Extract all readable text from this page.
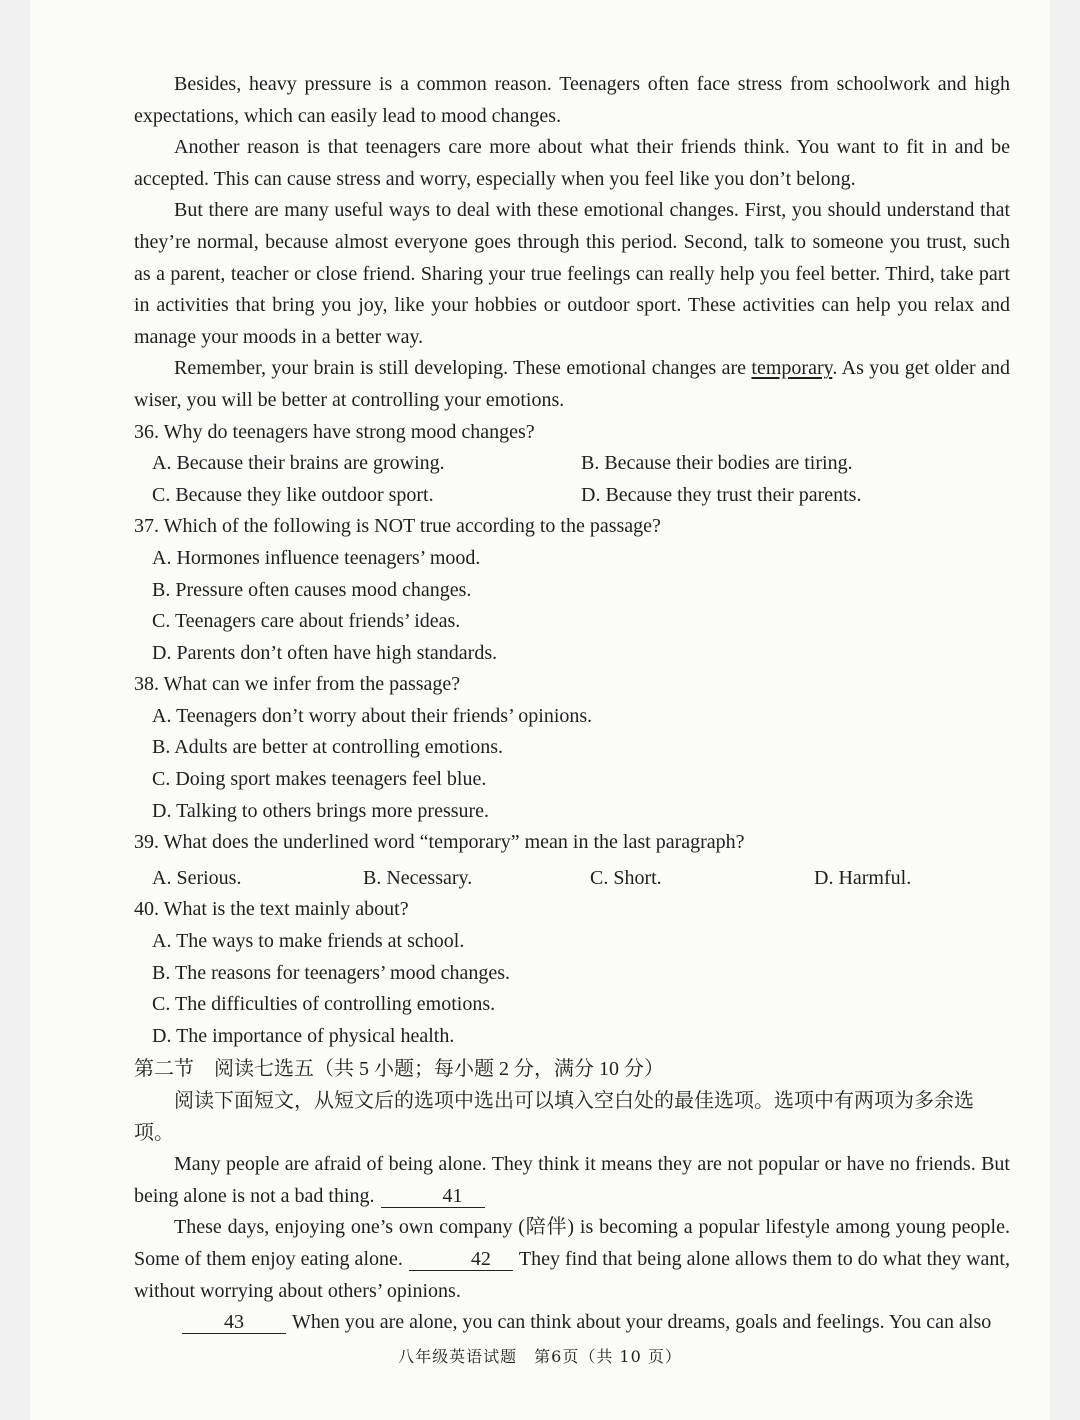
Besides, heavy pressure is a common reason. Teenagers often face stress from schoolwork and high expectations, which can easily lead to mood changes.

Another reason is that teenagers care more about what their friends think. You want to fit in and be accepted. This can cause stress and worry, especially when you feel like you don’t belong.

But there are many useful ways to deal with these emotional changes. First, you should understand that they’re normal, because almost everyone goes through this period. Second, talk to someone you trust, such as a parent, teacher or close friend. Sharing your true feelings can really help you feel better. Third, take part in activities that bring you joy, like your hobbies or outdoor sport. These activities can help you relax and manage your moods in a better way.

Remember, your brain is still developing. These emotional changes are temporary. As you get older and wiser, you will be better at controlling your emotions.

36. Why do teenagers have strong mood changes?

A. Because their brains are growing.	B. Because their bodies are tiring.
C. Because they like outdoor sport.	D. Because they trust their parents.

37. Which of the following is NOT true according to the passage?

A. Hormones influence teenagers’ mood.

B. Pressure often causes mood changes.

C. Teenagers care about friends’ ideas.

D. Parents don’t often have high standards.

38. What can we infer from the passage?

A. Teenagers don’t worry about their friends’ opinions.

B. Adults are better at controlling emotions.

C. Doing sport makes teenagers feel blue.

D. Talking to others brings more pressure.

39. What does the underlined word “temporary” mean in the last paragraph?

A. Serious.	B. Necessary.	C. Short.	D. Harmful.

40. What is the text mainly about?

A. The ways to make friends at school.

B. The reasons for teenagers’ mood changes.

C. The difficulties of controlling emotions.

D. The importance of physical health.

第二节　阅读七选五（共 5 小题；每小题 2 分，满分 10 分）

阅读下面短文，从短文后的选项中选出可以填入空白处的最佳选项。选项中有两项为多余选项。

Many people are afraid of being alone. They think it means they are not popular or have no friends. But being alone is not a bad thing.	41

These days, enjoying one’s own company (陪伴) is becoming a popular lifestyle among young people. Some of them enjoy eating alone.	42 They find that being alone allows them to do what they want, without worrying about others’ opinions.

43 When you are alone, you can think about your dreams, goals and feelings. You can also

八年级英语试题　第6页（共 10 页）
